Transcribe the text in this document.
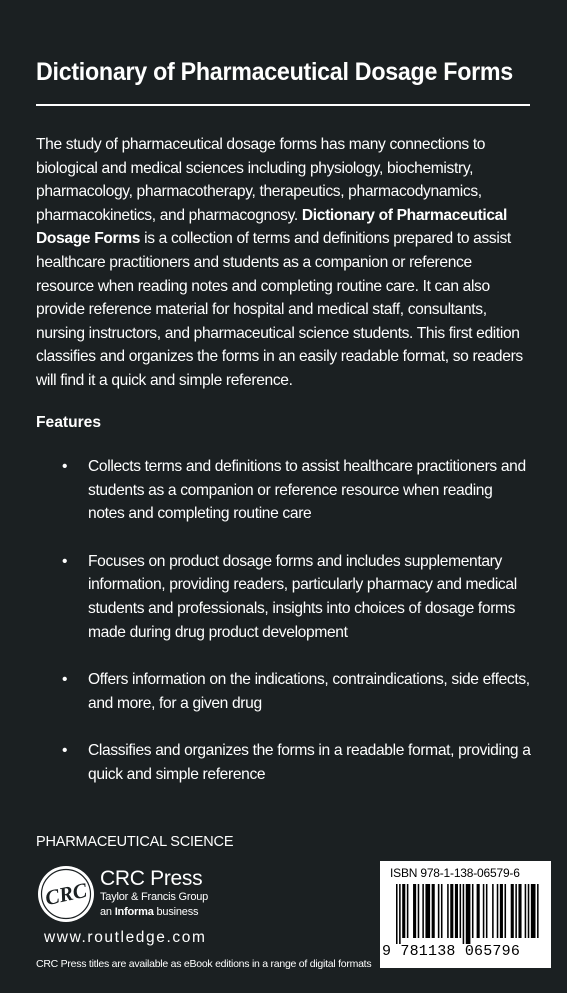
Dictionary of Pharmaceutical Dosage Forms
The study of pharmaceutical dosage forms has many connections to biological and medical sciences including physiology, biochemistry, pharmacology, pharmacotherapy, therapeutics, pharmacodynamics, pharmacokinetics, and pharmacognosy. Dictionary of Pharmaceutical Dosage Forms is a collection of terms and definitions prepared to assist healthcare practitioners and students as a companion or reference resource when reading notes and completing routine care. It can also provide reference material for hospital and medical staff, consultants, nursing instructors, and pharmaceutical science students. This first edition classifies and organizes the forms in an easily readable format, so readers will find it a quick and simple reference.
Features
• Collects terms and definitions to assist healthcare practitioners and students as a companion or reference resource when reading notes and completing routine care
• Focuses on product dosage forms and includes supplementary information, providing readers, particularly pharmacy and medical students and professionals, insights into choices of dosage forms made during drug product development
• Offers information on the indications, contraindications, side effects, and more, for a given drug
• Classifies and organizes the forms in a readable format, providing a quick and simple reference
PHARMACEUTICAL SCIENCE
CRC CRC Press
Taylor & Francis Group
an Informa business
www.routledge.com
CRC Press titles are available as eBook editions in a range of digital formats
ISBN 978-1-138-06579-6
9 781138 065796
